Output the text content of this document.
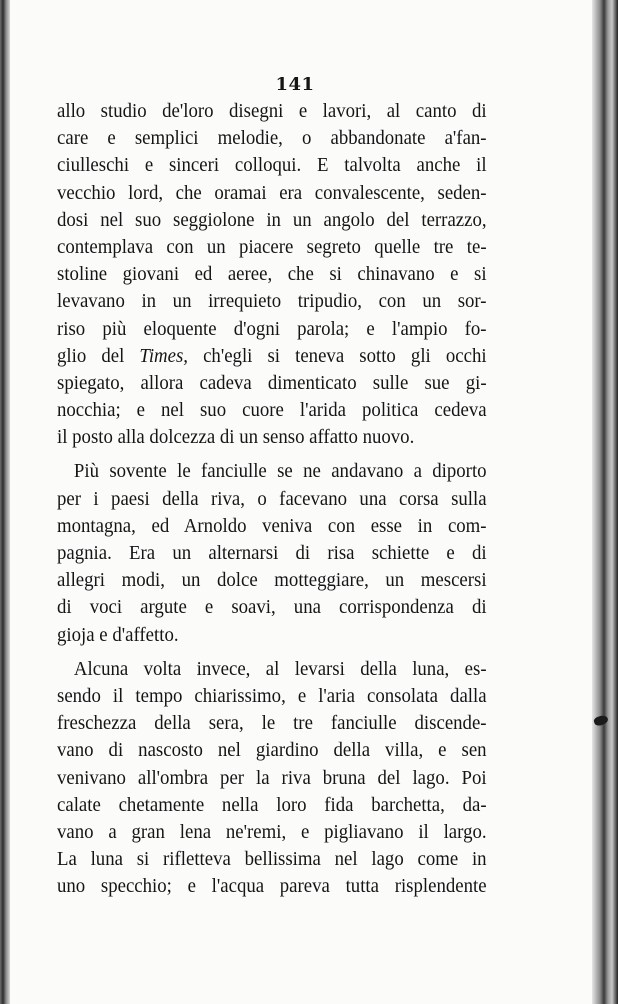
141
allo studio de'loro disegni e lavori, al canto di
care e semplici melodie, o abbandonate a'fan-
ciulleschi e sinceri colloqui. E talvolta anche il
vecchio lord, che oramai era convalescente, seden-
dosi nel suo seggiolone in un angolo del terrazzo,
contemplava con un piacere segreto quelle tre te-
stoline giovani ed aeree, che si chinavano e si
levavano in un irrequieto tripudio, con un sor-
riso più eloquente d'ogni parola; e l'ampio fo-
glio del Times, ch'egli si teneva sotto gli occhi
spiegato, allora cadeva dimenticato sulle sue gi-
nocchia; e nel suo cuore l'arida politica cedeva
il posto alla dolcezza di un senso affatto nuovo.
Più sovente le fanciulle se ne andavano a diporto
per i paesi della riva, o facevano una corsa sulla
montagna, ed Arnoldo veniva con esse in com-
pagnia. Era un alternarsi di risa schiette e di
allegri modi, un dolce motteggiare, un mescersi
di voci argute e soavi, una corrispondenza di
gioja e d'affetto.
Alcuna volta invece, al levarsi della luna, es-
sendo il tempo chiarissimo, e l'aria consolata dalla
freschezza della sera, le tre fanciulle discende-
vano di nascosto nel giardino della villa, e sen
venivano all'ombra per la riva bruna del lago. Poi
calate chetamente nella loro fida barchetta, da-
vano a gran lena ne'remi, e pigliavano il largo.
La luna si rifletteva bellissima nel lago come in
uno specchio; e l'acqua pareva tutta risplendente
